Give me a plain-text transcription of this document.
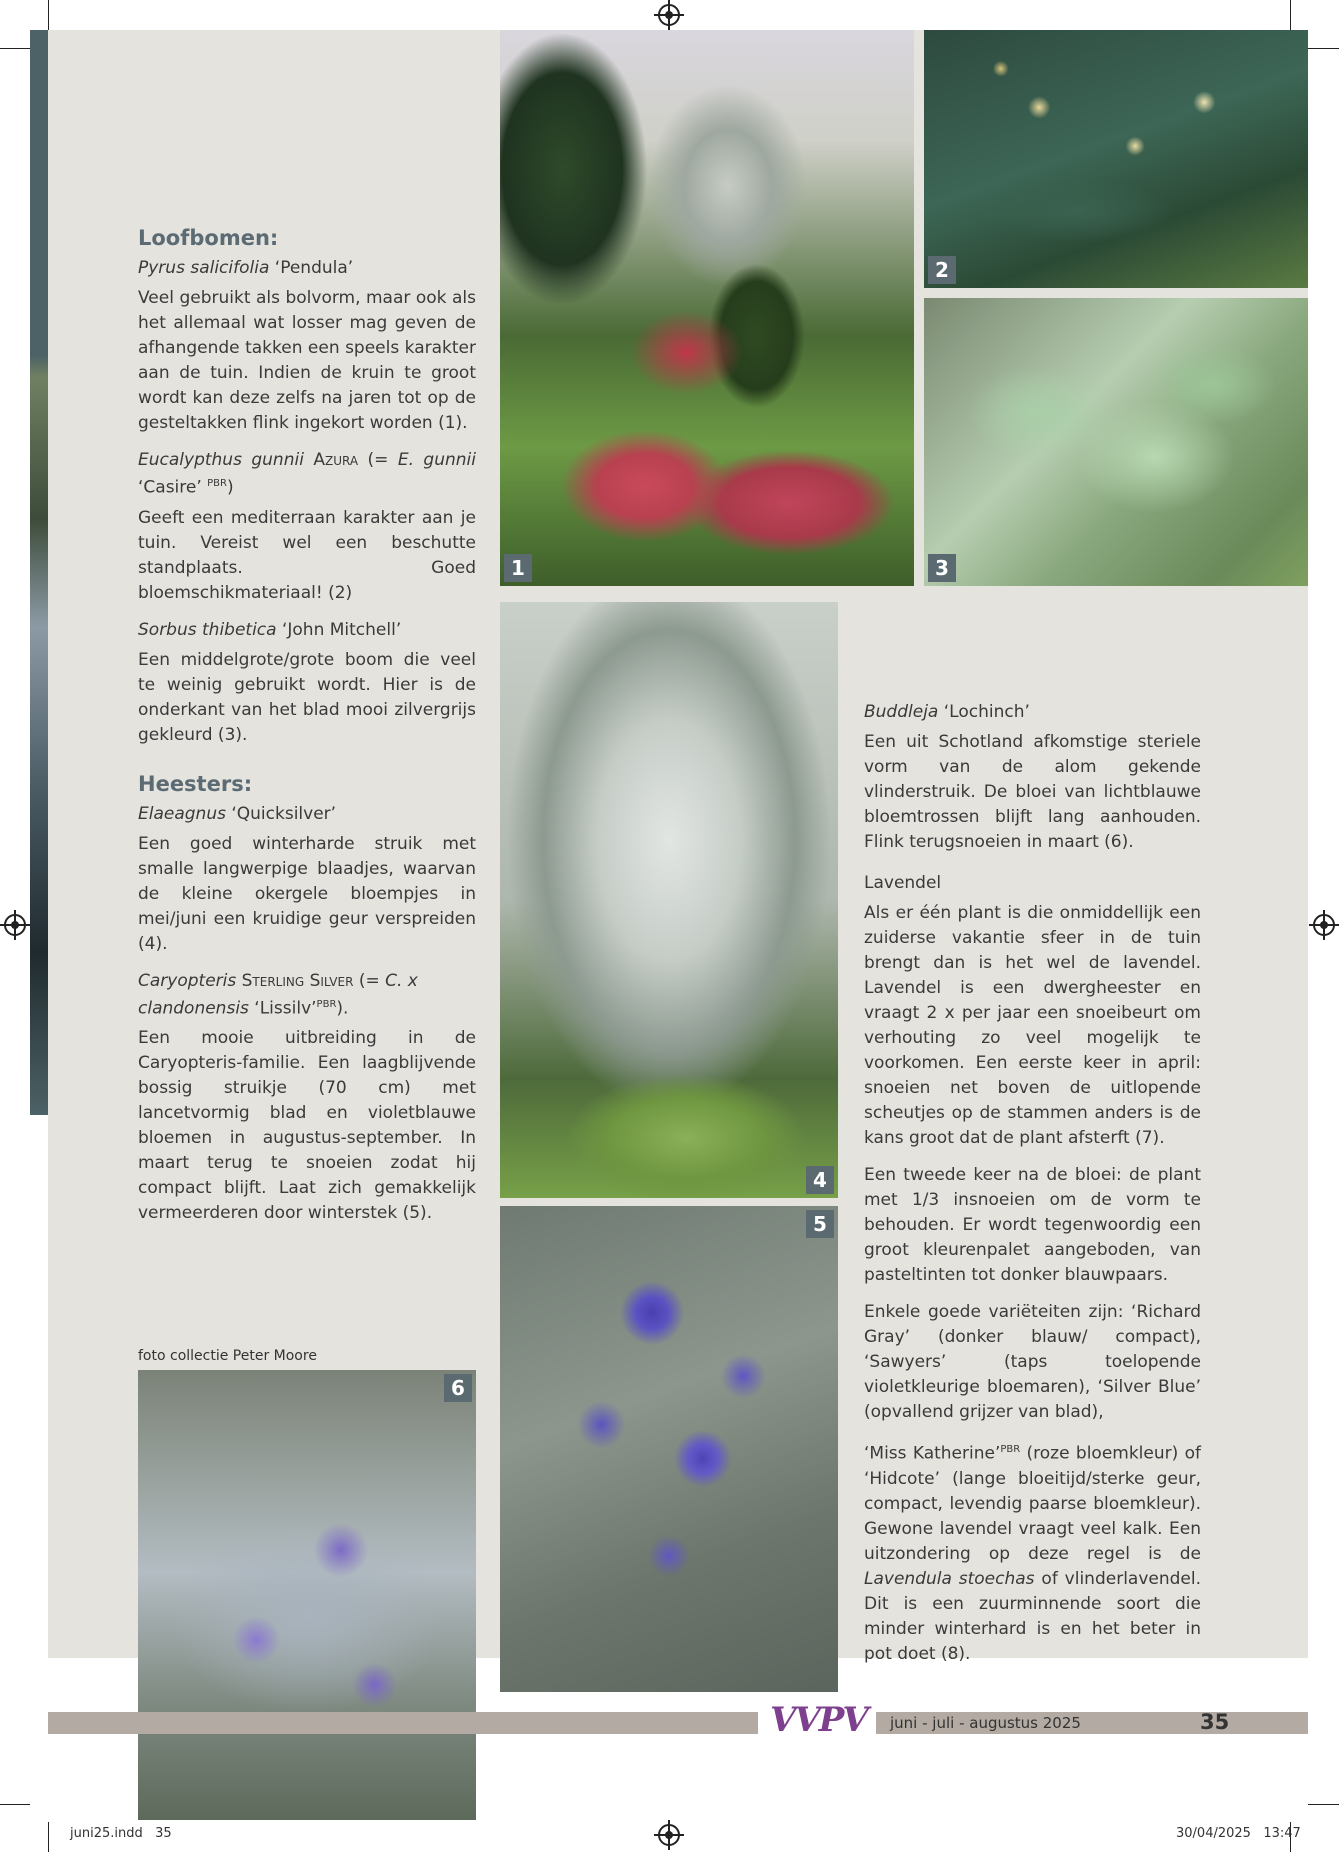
Loofbomen:

Pyrus salicifolia ‘Pendula’

Veel gebruikt als bolvorm, maar ook als het allemaal wat losser mag geven de afhangende takken een speels karakter aan de tuin. Indien de kruin te groot wordt kan deze zelfs na jaren tot op de gesteltakken flink ingekort worden (1).

Eucalypthus gunnii Azura (= E. gunnii ‘Casire’ $^{PBR}$)

Geeft een mediterraan karakter aan je tuin. Vereist wel een beschutte standplaats. Goed bloemschikmateriaal! (2)

Sorbus thibetica ‘John Mitchell’

Een middelgrote/grote boom die veel te weinig gebruikt wordt. Hier is de onderkant van het blad mooi zilvergrijs gekleurd (3).

Heesters:

Elaeagnus ‘Quicksilver’

Een goed winterharde struik met smalle langwerpige blaadjes, waarvan de kleine okergele bloempjes in mei/juni een kruidige geur verspreiden (4).

Caryopteris Sterling Silver (= C. x clandonensis ‘Lissilv’$^{PBR}$).

Een mooie uitbreiding in de Caryopteris-familie. Een laagblijvende bossig struikje (70 cm) met lancetvormig blad en violetblauwe bloemen in augustus-september. In maart terug te snoeien zodat hij compact blijft. Laat zich gemakkelijk vermeerderen door winterstek (5).

1
2
3
4
5
foto collectie Peter Moore
6

Buddleja ‘Lochinch’

Een uit Schotland afkomstige steriele vorm van de alom gekende vlinderstruik. De bloei van lichtblauwe bloemtrossen blijft lang aanhouden. Flink terugsnoeien in maart (6).

Lavendel

Als er één plant is die onmiddellijk een zuiderse vakantie sfeer in de tuin brengt dan is het wel de lavendel. Lavendel is een dwergheester en vraagt 2 x per jaar een snoeibeurt om verhouting zo veel mogelijk te voorkomen. Een eerste keer in april: snoeien net boven de uitlopende scheutjes op de stammen anders is de kans groot dat de plant afsterft (7).

Een tweede keer na de bloei: de plant met 1/3 insnoeien om de vorm te behouden. Er wordt tegenwoordig een groot kleurenpalet aangeboden, van pasteltinten tot donker blauwpaars.

Enkele goede variëteiten zijn: ‘Richard Gray’ (donker blauw/ compact), ‘Sawyers’ (taps toelopende violetkleurige bloemaren), ‘Silver Blue’ (opvallend grijzer van blad),

‘Miss Katherine’$^{PBR}$ (roze bloemkleur) of ‘Hidcote’ (lange bloeitijd/sterke geur, compact, levendig paarse bloemkleur). Gewone lavendel vraagt veel kalk. Een uitzondering op deze regel is de Lavendula stoechas of vlinderlavendel. Dit is een zuurminnende soort die minder winterhard is en het beter in pot doet (8).

VVPV juni - juli - augustus 2025	35
juni25.indd   35	30/04/2025   13:47
